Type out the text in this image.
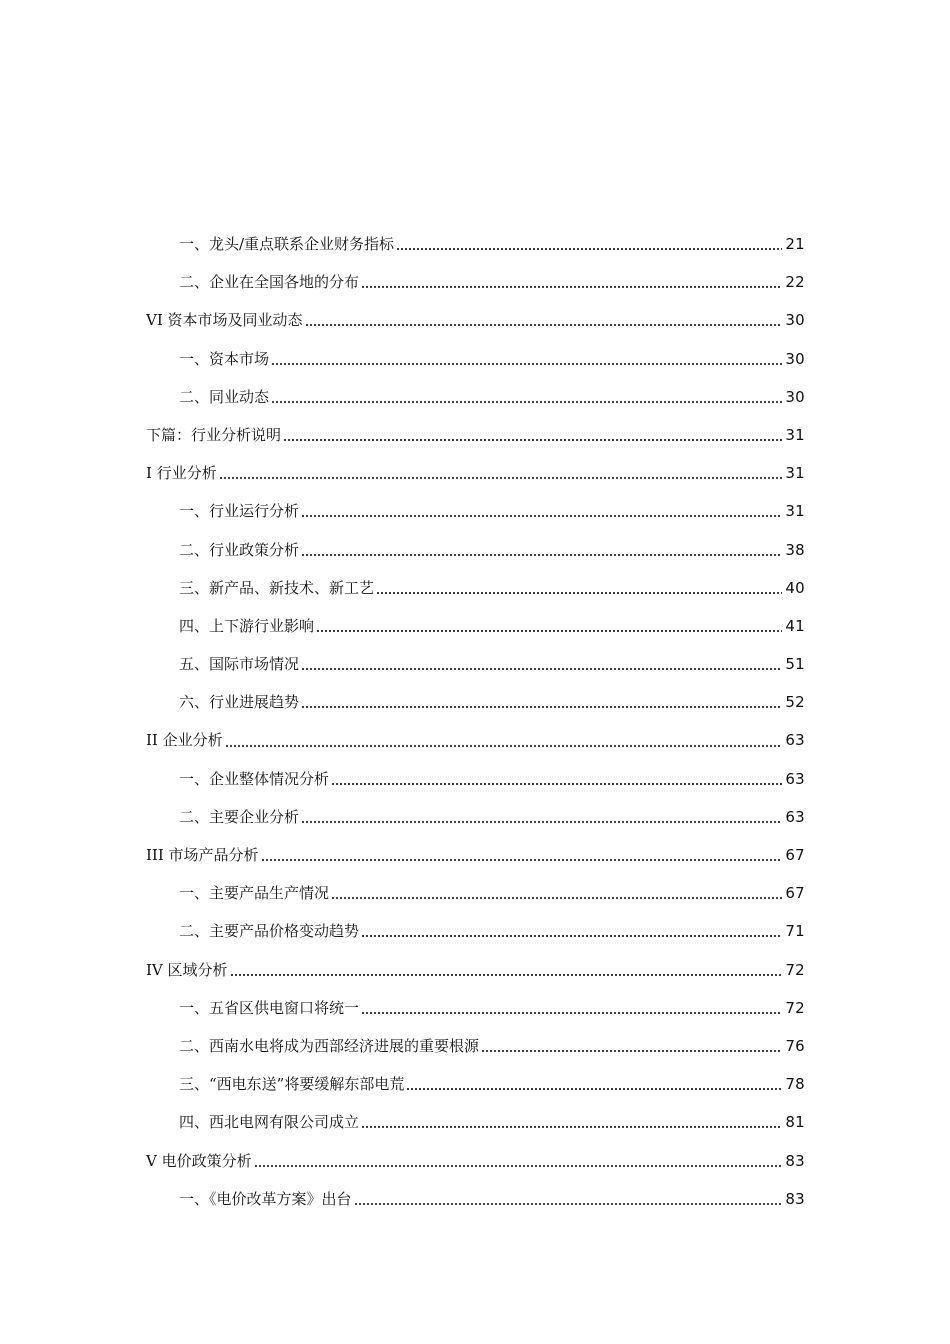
一、龙头/重点联系企业财务指标	21
二、企业在全国各地的分布	22
VI 资本市场及同业动态	30
一、资本市场	30
二、同业动态	30
下篇：行业分析说明	31
I 行业分析	31
一、行业运行分析	31
二、行业政策分析	38
三、新产品、新技术、新工艺	40
四、上下游行业影响	41
五、国际市场情况	51
六、行业进展趋势	52
II 企业分析	63
一、企业整体情况分析	63
二、主要企业分析	63
III 市场产品分析	67
一、主要产品生产情况	67
二、主要产品价格变动趋势	71
IV 区域分析	72
一、五省区供电窗口将统一	72
二、西南水电将成为西部经济进展的重要根源	76
三、“西电东送”将要缓解东部电荒	78
四、西北电网有限公司成立	81
V 电价政策分析	83
一、《电价改革方案》出台	83
